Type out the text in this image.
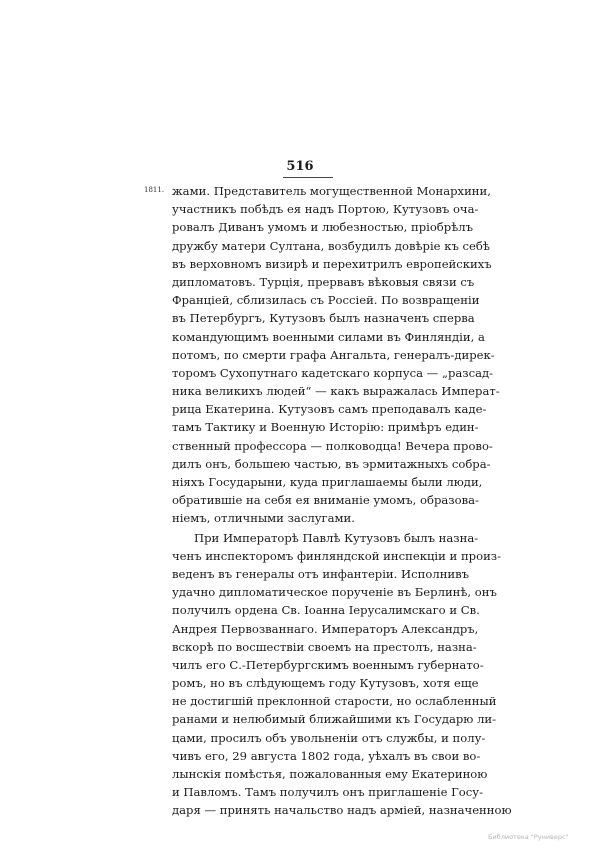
516
1811. жами. Представитель могущественной Монархини,
участникъ побѣдъ ея надъ Портою, Кутузовъ оча-
ровалъ Диванъ умомъ и любезностью, пріобрѣлъ
дружбу матери Султана, возбудилъ довѣріе къ себѣ
въ верховномъ визирѣ и перехитрилъ европейскихъ
дипломатовъ. Турція, прервавъ вѣковыя связи съ
Франціей, сблизилась съ Россіей. По возвращеніи
въ Петербургъ, Кутузовъ былъ назначенъ сперва
командующимъ военными силами въ Финляндіи, а
потомъ, по смерти графа Ангальта, генералъ-дирек-
торомъ Сухопутнаго кадетскаго корпуса — „разсад-
ника великихъ людей“ — какъ выражалась Императ-
рица Екатерина. Кутузовъ самъ преподавалъ каде-
тамъ Тактику и Военную Исторію: примѣръ един-
ственный профессора — полководца! Вечера прово-
дилъ онъ, большею частью, въ эрмитажныхъ собра-
ніяхъ Государыни, куда приглашаемы были люди,
обратившіе на себя ея вниманіе умомъ, образова-
ніемъ, отличными заслугами.
При Императорѣ Павлѣ Кутузовъ былъ назна-
ченъ инспекторомъ финляндской инспекціи и произ-
веденъ въ генералы отъ инфантеріи. Исполнивъ
удачно дипломатическое порученіе въ Берлинѣ, онъ
получилъ ордена Св. Іоанна Іерусалимскаго и Св.
Андрея Первозваннаго. Императоръ Александръ,
вскорѣ по восшествіи своемъ на престолъ, назна-
чилъ его С.-Петербургскимъ военнымъ губернато-
ромъ, но въ слѣдующемъ году Кутузовъ, хотя еще
не достигшій преклонной старости, но ослабленный
ранами и нелюбимый ближайшими къ Государю ли-
цами, просилъ объ увольненіи отъ службы, и полу-
чивъ его, 29 августа 1802 года, уѣхалъ въ свои во-
лынскія помѣстья, пожалованныя ему Екатериною
и Павломъ. Тамъ получилъ онъ приглашеніе Госу-
даря — принять начальство надъ арміей, назначенною
Библиотека "Руниверс"
